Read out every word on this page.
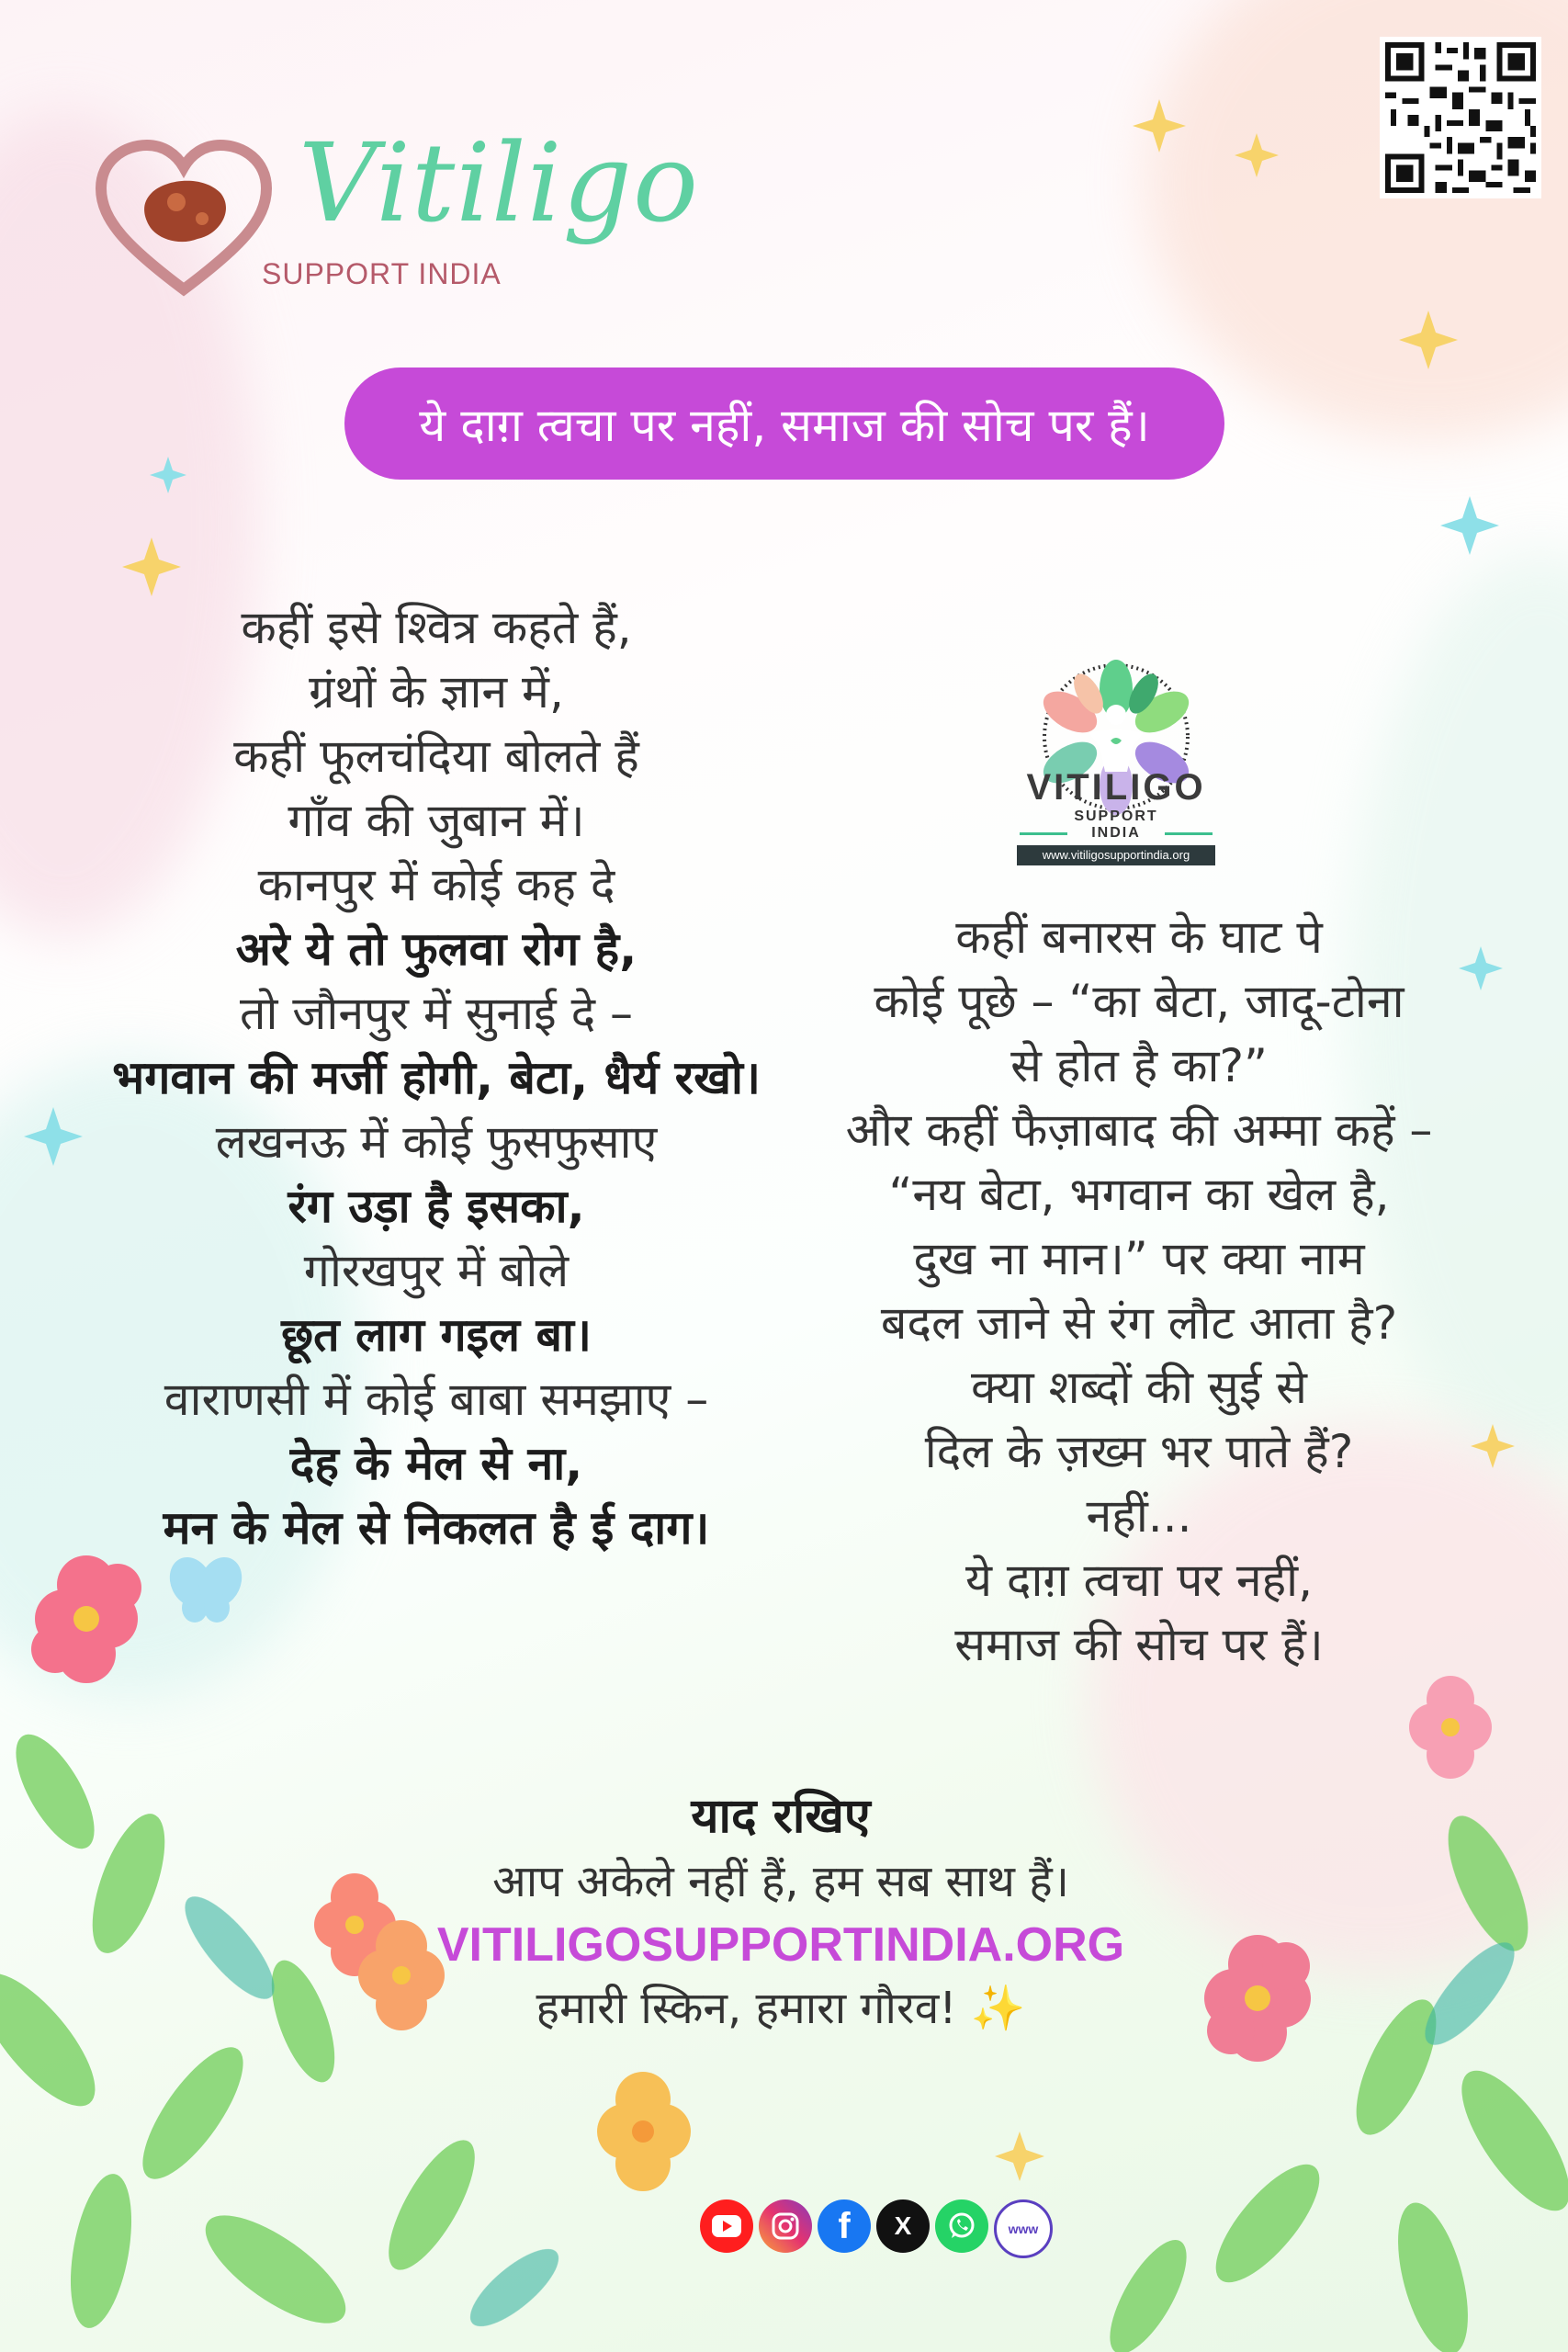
Vitiligo
SUPPORT INDIA
ये दाग़ त्वचा पर नहीं, समाज की सोच पर हैं।
कहीं इसे श्वित्र कहते हैं,
ग्रंथों के ज्ञान में,
कहीं फूलचंदिया बोलते हैं
गाँव की जुबान में।
कानपुर में कोई कह दे
अरे ये तो फुलवा रोग है,
तो जौनपुर में सुनाई दे –
भगवान की मर्जी होगी, बेटा, धैर्य रखो।
लखनऊ में कोई फुसफुसाए
रंग उड़ा है इसका,
गोरखपुर में बोले
छूत लाग गइल बा।
वाराणसी में कोई बाबा समझाए –
देह के मेल से ना,
मन के मेल से निकलत है ई दाग।
VITILIGO
SUPPORT
INDIA
www.vitiligosupportindia.org
कहीं बनारस के घाट पे
कोई पूछे – “का बेटा, जादू-टोना
से होत है का?”
और कहीं फैज़ाबाद की अम्मा कहें –
“नय बेटा, भगवान का खेल है,
दुख ना मान।” पर क्या नाम
बदल जाने से रंग लौट आता है?
क्या शब्दों की सुई से
दिल के ज़ख्म भर पाते हैं?
नहीं...
ये दाग़ त्वचा पर नहीं,
समाज की सोच पर हैं।
याद रखिए
आप अकेले नहीं हैं, हम सब साथ हैं।
VITILIGOSUPPORTINDIA.ORG
हमारी स्किन, हमारा गौरव! ✨
f	X	www
